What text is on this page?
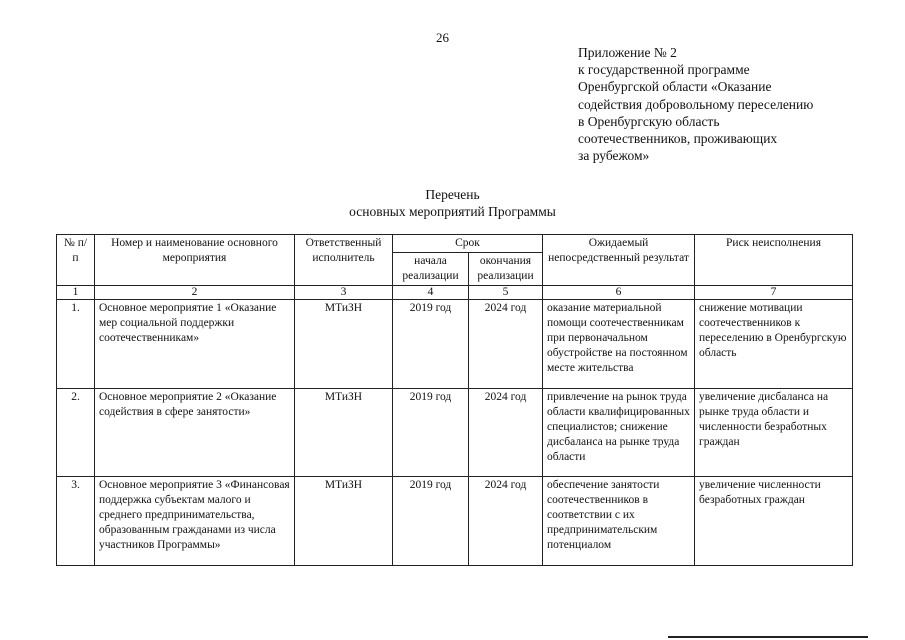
26
Приложение № 2
к государственной программе
Оренбургской области «Оказание
содействия добровольному переселению
в Оренбургскую область
соотечественников, проживающих
за рубежом»
Перечень
основных мероприятий Программы
№ п/п	Номер и наименование основного мероприятия	Ответственный исполнитель	Срок		Ожидаемый непосредственный результат	Риск неисполнения
			начала реализации	окончания реализации		
1	2	3	4	5	6	7
1.	Основное мероприятие 1 «Оказание мер социальной поддержки соотечественникам»	МТиЗН	2019 год	2024 год	оказание материальной помощи соотечественникам при первоначальном обустройстве на постоянном месте жительства	снижение мотивации соотечественников к переселению в Оренбургскую область
2.	Основное мероприятие 2 «Оказание содействия в сфере занятости»	МТиЗН	2019 год	2024 год	привлечение на рынок труда области квалифицированных специалистов; снижение дисбаланса на рынке труда области	увеличение дисбаланса на рынке труда области и численности безработных граждан
3.	Основное мероприятие 3 «Финансовая поддержка субъектам малого и среднего предпринимательства, образованным гражданами из числа участников Программы»	МТиЗН	2019 год	2024 год	обеспечение занятости соотечественников в соответствии с их предпринимательским потенциалом	увеличение численности безработных граждан
